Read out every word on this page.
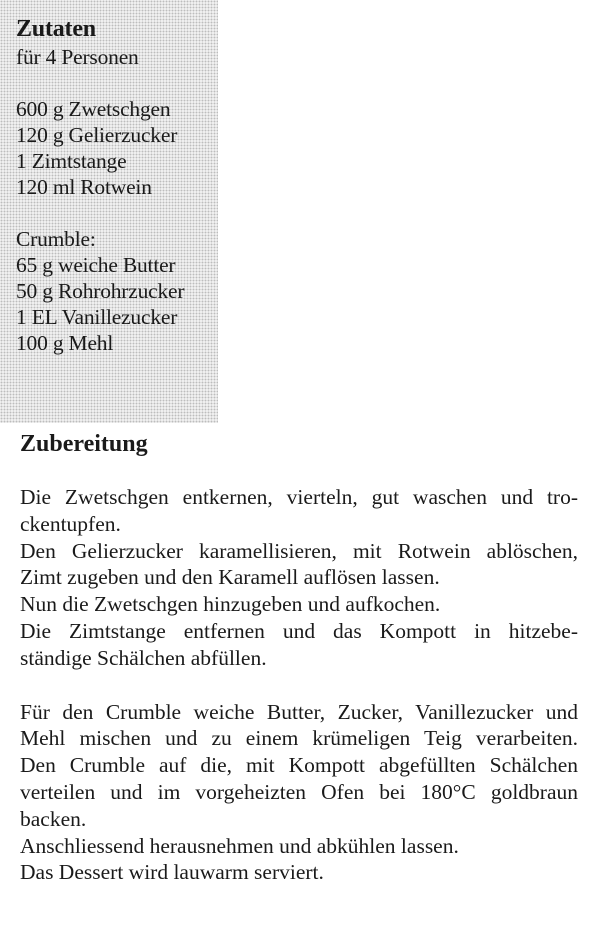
Zutaten
für 4 Personen
600 g Zwetschgen
120 g Gelierzucker
1 Zimtstange
120 ml Rotwein
Crumble:
65 g weiche Butter
50 g Rohrohrzucker
1 EL Vanillezucker
100 g Mehl
Zubereitung
Die Zwetschgen entkernen, vierteln, gut waschen und tro-
ckentupfen.
Den Gelierzucker karamellisieren, mit Rotwein ablöschen,
Zimt zugeben und den Karamell auflösen lassen.
Nun die Zwetschgen hinzugeben und aufkochen.
Die Zimtstange entfernen und das Kompott in hitzebe-
ständige Schälchen abfüllen.
Für den Crumble weiche Butter, Zucker, Vanillezucker und
Mehl mischen und zu einem krümeligen Teig verarbeiten.
Den Crumble auf die, mit Kompott abgefüllten Schälchen
verteilen und im vorgeheizten Ofen bei 180°C goldbraun
backen.
Anschliessend herausnehmen und abkühlen lassen.
Das Dessert wird lauwarm serviert.
